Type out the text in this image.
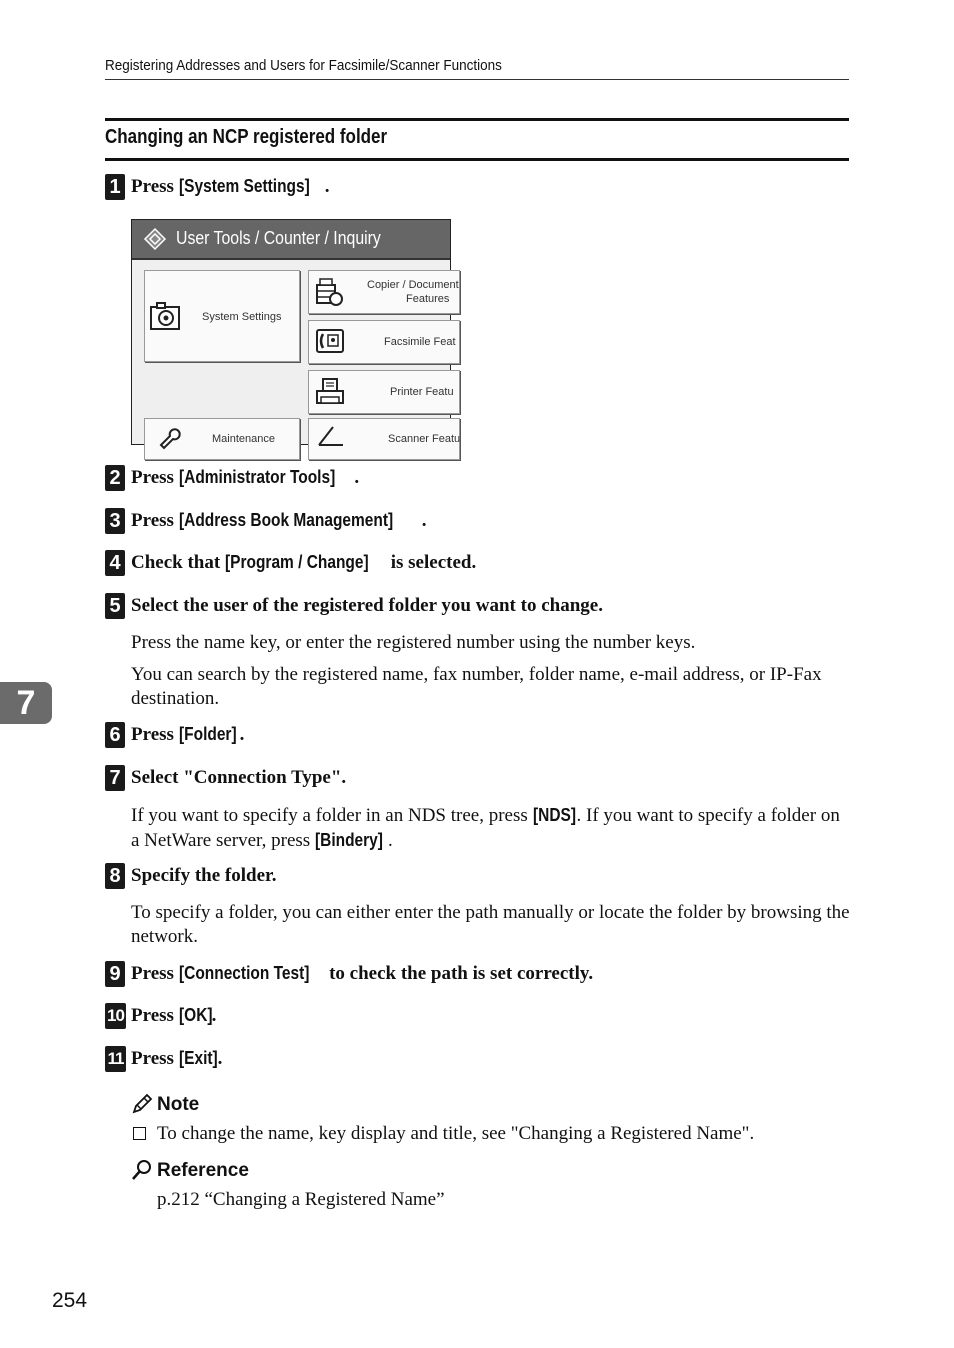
Registering Addresses and Users for Facsimile/Scanner Functions
Changing an NCP registered folder
1 Press [System Settings] .
User Tools / Counter / Inquiry
System Settings
Copier / Document
Features
Facsimile Feat
Printer Featu
Maintenance	Scanner Featu
2 Press [Administrator Tools] .
3 Press [Address Book Management] .
4 Check that [Program / Change] is selected.
5 Select the user of the registered folder you want to change.

Press the name key, or enter the registered number using the number keys.

You can search by the registered name, fax number, folder name, e-mail address, or IP-Fax destination.

7
6 Press [Folder] .
7 Select "Connection Type".

If you want to specify a folder in an NDS tree, press [NDS]. If you want to specify a folder on a NetWare server, press [Bindery] .

8 Specify the folder.

To specify a folder, you can either enter the path manually or locate the folder by browsing the network.

9 Press [Connection Test] to check the path is set correctly.
10 Press [OK].
11 Press [Exit].
Note
To change the name, key display and title, see "Changing a Registered Name".
Reference
p.212 “Changing a Registered Name”
254
